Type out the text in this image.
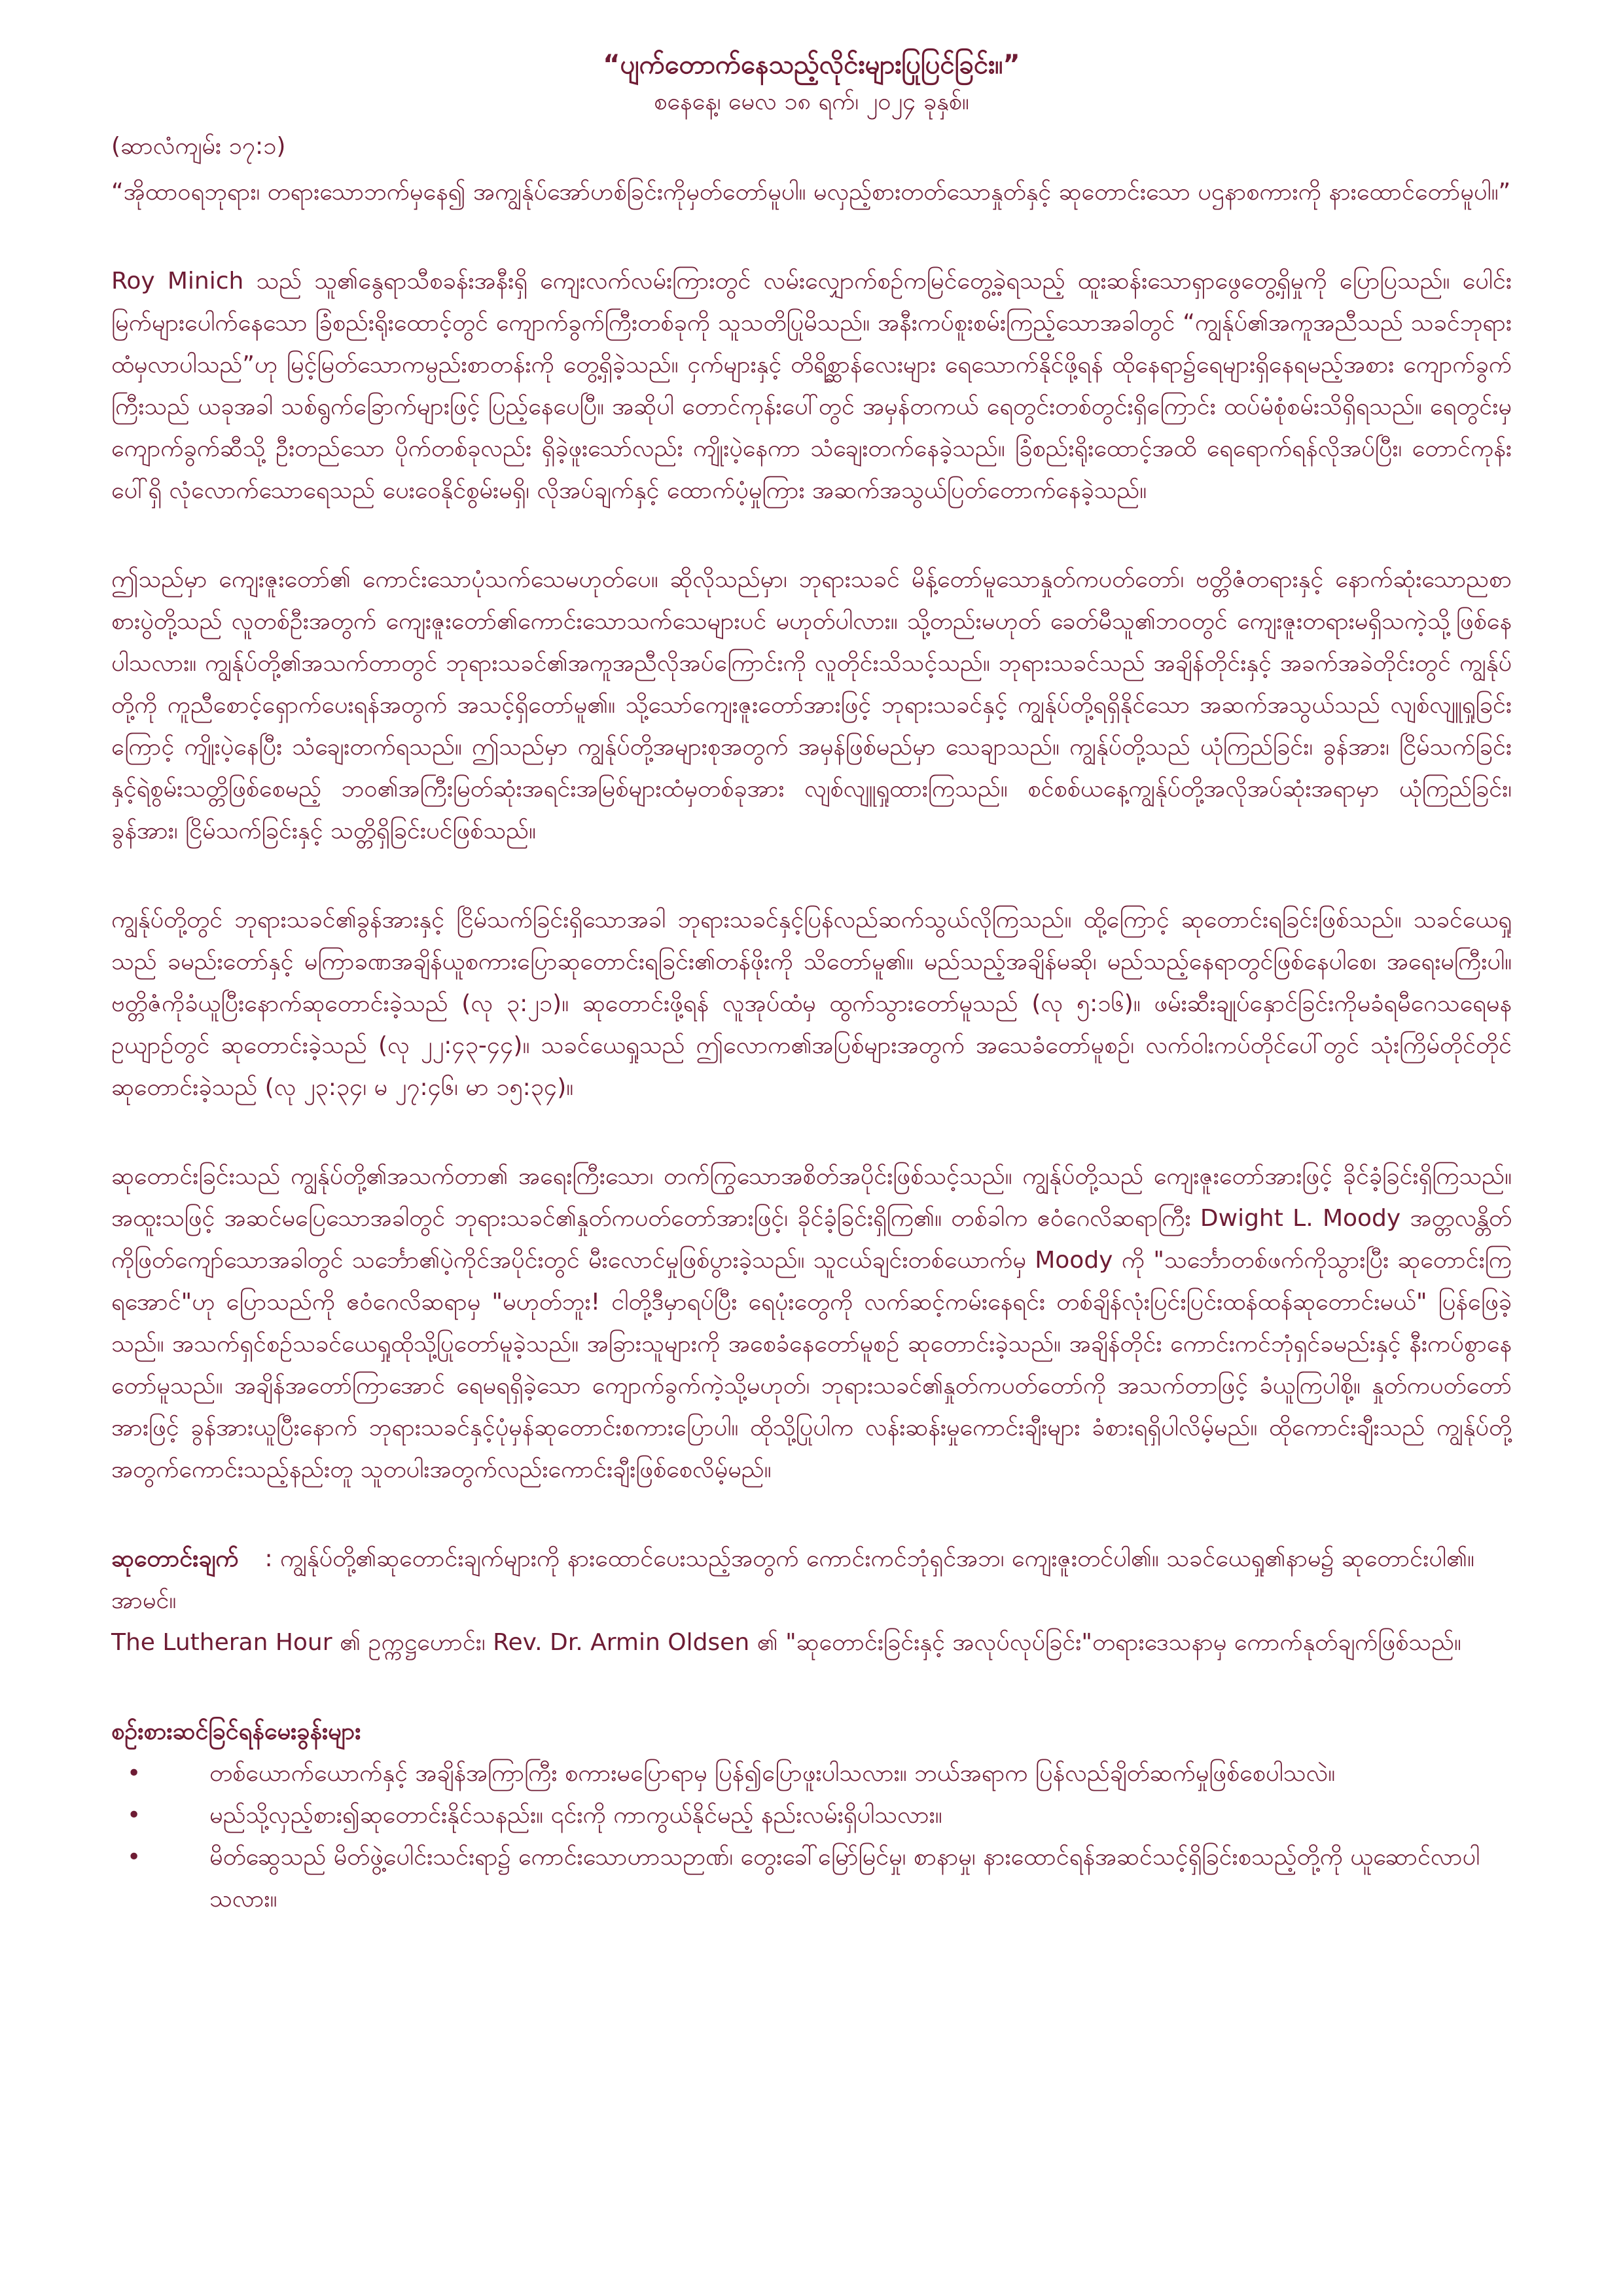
“ပျက်တောက်နေသည့်လိုင်းများပြုပြင်ခြင်း။”

စနေနေ့၊ မေလ ၁၈ ရက်၊ ၂၀၂၄ ခုနှစ်။

(ဆာလံကျမ်း ၁၇:၁)

“အိုထာဝရဘုရား၊ တရားသောဘက်မှနေ၍ အကျွန်ုပ်အော်ဟစ်ခြင်းကိုမှတ်တော်မူပါ။ မလှည့်စားတတ်သောနှုတ်နှင့် ဆုတောင်းသော ပဌနာစကားကို နားထောင်တော်မူပါ။”

Roy Minich သည် သူ၏နွေရာသီစခန်းအနီးရှိ ကျေးလက်လမ်းကြားတွင် လမ်းလျှောက်စဉ်ကမြင်တွေ့ခဲ့ရသည့် ထူးဆန်းသောရှာဖွေတွေ့ရှိမှုကို ပြောပြသည်။ ပေါင်းမြက်များပေါက်နေသော ခြံစည်းရိုးထောင့်တွင် ကျောက်ခွက်ကြီးတစ်ခုကို သူသတိပြုမိသည်။ အနီးကပ်စူးစမ်းကြည့်သောအခါတွင် “ကျွန်ုပ်၏အကူအညီသည် သခင်ဘုရားထံမှလာပါသည်”ဟု မြင့်မြတ်သောကမ္ပည်းစာတန်းကို တွေ့ရှိခဲ့သည်။ ငှက်များနှင့် တိရိစ္ဆာန်လေးများ ရေသောက်နိုင်ဖို့ရန် ထိုနေရာ၌ရေများရှိနေရမည့်အစား ကျောက်ခွက်ကြီးသည် ယခုအခါ သစ်ရွက်ခြောက်များဖြင့် ပြည့်နေပေပြီ။ အဆိုပါ တောင်ကုန်းပေါ်တွင် အမှန်တကယ် ရေတွင်းတစ်တွင်းရှိကြောင်း ထပ်မံစုံစမ်းသိရှိရသည်။ ရေတွင်းမှကျောက်ခွက်ဆီသို့ ဦးတည်သော ပိုက်တစ်ခုလည်း ရှိခဲ့ဖူးသော်လည်း ကျိုးပဲ့နေကာ သံချေးတက်နေခဲ့သည်။ ခြံစည်းရိုးထောင့်အထိ ရေရောက်ရန်လိုအပ်ပြီး၊ တောင်ကုန်းပေါ်ရှိ လုံလောက်သောရေသည် ပေးဝေနိုင်စွမ်းမရှိ၊ လိုအပ်ချက်နှင့် ထောက်ပံ့မှုကြား အဆက်အသွယ်ပြတ်တောက်နေခဲ့သည်။

ဤသည်မှာ ကျေးဇူးတော်၏ ကောင်းသောပုံသက်သေမဟုတ်ပေ။ ဆိုလိုသည်မှာ၊ ဘုရားသခင် မိန့်တော်မူသောနှုတ်ကပတ်တော်၊ ဗတ္တိဇံတရားနှင့် နောက်ဆုံးသောညစာစားပွဲတို့သည် လူတစ်ဦးအတွက် ကျေးဇူးတော်၏ကောင်းသောသက်သေများပင် မဟုတ်ပါလား။ သို့တည်းမဟုတ် ခေတ်မီသူ၏ဘဝတွင် ကျေးဇူးတရားမရှိသကဲ့သို့ဖြစ်နေပါသလား။ ကျွန်ုပ်တို့၏အသက်တာတွင် ဘုရားသခင်၏အကူအညီလိုအပ်ကြောင်းကို လူတိုင်းသိသင့်သည်။ ဘုရားသခင်သည် အချိန်တိုင်းနှင့် အခက်အခဲတိုင်းတွင် ကျွန်ုပ်တို့ကို ကူညီစောင့်ရှောက်ပေးရန်အတွက် အသင့်ရှိတော်မူ၏။ သို့သော်ကျေးဇူးတော်အားဖြင့် ဘုရားသခင်နှင့် ကျွန်ုပ်တို့ရရှိနိုင်သော အဆက်အသွယ်သည် လျစ်လျူရှုခြင်းကြောင့် ကျိုးပဲ့နေပြီး သံချေးတက်ရသည်။ ဤသည်မှာ ကျွန်ုပ်တို့အများစုအတွက် အမှန်ဖြစ်မည်မှာ သေချာသည်။ ကျွန်ုပ်တို့သည် ယုံကြည်ခြင်း၊ ခွန်အား၊ ငြိမ်သက်ခြင်းနှင့်ရဲစွမ်းသတ္တိဖြစ်စေမည့် ဘဝ၏အကြီးမြတ်ဆုံးအရင်းအမြစ်များထံမှတစ်ခုအား လျစ်လျူရှုထားကြသည်။ စင်စစ်ယနေ့ကျွန်ုပ်တို့အလိုအပ်ဆုံးအရာမှာ ယုံကြည်ခြင်း၊ ခွန်အား၊ ငြိမ်သက်ခြင်းနှင့် သတ္တိရှိခြင်းပင်ဖြစ်သည်။

ကျွန်ုပ်တို့တွင် ဘုရားသခင်၏ခွန်အားနှင့် ငြိမ်သက်ခြင်းရှိသောအခါ ဘုရားသခင်နှင့်ပြန်လည်ဆက်သွယ်လိုကြသည်။ ထို့ကြောင့် ဆုတောင်းရခြင်းဖြစ်သည်။ သခင်ယေရှုသည် ခမည်းတော်နှင့် မကြာခဏအချိန်ယူစကားပြောဆုတောင်းရခြင်း၏တန်ဖိုးကို သိတော်မူ၏။ မည်သည့်အချိန်မဆို၊ မည်သည့်နေရာတွင်ဖြစ်နေပါစေ၊ အရေးမကြီးပါ။ ဗတ္တိဇံကိုခံယူပြီးနောက်ဆုတောင်းခဲ့သည် (လု ၃:၂၁)။ ဆုတောင်းဖို့ရန် လူအုပ်ထံမှ ထွက်သွားတော်မူသည် (လု ၅:၁၆)။ ဖမ်းဆီးချုပ်နှောင်ခြင်းကိုမခံရမီဂေသရေမနဥယျာဉ်တွင် ဆုတောင်းခဲ့သည် (လု ၂၂:၄၃-၄၄)။ သခင်ယေရှုသည် ဤလောက၏အပြစ်များအတွက် အသေခံတော်မူစဉ်၊ လက်ဝါးကပ်တိုင်ပေါ်တွင် သုံးကြိမ်တိုင်တိုင် ဆုတောင်းခဲ့သည် (လု ၂၃:၃၄၊ မ ၂၇:၄၆၊ မာ ၁၅:၃၄)။

ဆုတောင်းခြင်းသည် ကျွန်ုပ်တို့၏အသက်တာ၏ အရေးကြီးသော၊ တက်ကြွသောအစိတ်အပိုင်းဖြစ်သင့်သည်။ ကျွန်ုပ်တို့သည် ကျေးဇူးတော်အားဖြင့် ခိုင်ခံ့ခြင်းရှိကြသည်။ အထူးသဖြင့် အဆင်မပြေသောအခါတွင် ဘုရားသခင်၏နှုတ်ကပတ်တော်အားဖြင့်၊ ခိုင်ခံ့ခြင်းရှိကြ၏။ တစ်ခါက ဧဝံဂေလိဆရာကြီး Dwight L. Moody အတ္တလန္တိတ်ကိုဖြတ်ကျော်သောအခါတွင် သင်္ဘော၏ပဲ့ကိုင်အပိုင်းတွင် မီးလောင်မှုဖြစ်ပွားခဲ့သည်။ သူငယ်ချင်းတစ်ယောက်မှ Moody ကို "သင်္ဘောတစ်ဖက်ကိုသွားပြီး ဆုတောင်းကြရအောင်"ဟု ပြောသည်ကို ဧဝံဂေလိဆရာမှ "မဟုတ်ဘူး! ငါတို့ဒီမှာရပ်ပြီး ရေပုံးတွေကို လက်ဆင့်ကမ်းနေရင်း တစ်ချိန်လုံးပြင်းပြင်းထန်ထန်ဆုတောင်းမယ်" ပြန်ဖြေခဲ့သည်။ အသက်ရှင်စဉ်သခင်ယေရှုထိုသို့ပြုတော်မူခဲ့သည်။ အခြားသူများကို အစေခံနေတော်မူစဉ် ဆုတောင်းခဲ့သည်။ အချိန်တိုင်း ကောင်းကင်ဘုံရှင်ခမည်းနှင့် နီးကပ်စွာနေတော်မူသည်။ အချိန်အတော်ကြာအောင် ရေမရရှိခဲ့သော ကျောက်ခွက်ကဲ့သို့မဟုတ်၊ ဘုရားသခင်၏နှုတ်ကပတ်တော်ကို အသက်တာဖြင့် ခံယူကြပါစို့။ နှုတ်ကပတ်တော်အားဖြင့် ခွန်အားယူပြီးနောက် ဘုရားသခင်နှင့်ပုံမှန်ဆုတောင်းစကားပြောပါ။ ထိုသို့ပြုပါက လန်းဆန်းမှုကောင်းချီးများ ခံစားရရှိပါလိမ့်မည်။ ထိုကောင်းချီးသည် ကျွန်ုပ်တို့အတွက်ကောင်းသည့်နည်းတူ သူတပါးအတွက်လည်းကောင်းချီးဖြစ်စေလိမ့်မည်။

ဆုတောင်းချက် : ကျွန်ုပ်တို့၏ဆုတောင်းချက်များကို နားထောင်ပေးသည့်အတွက် ကောင်းကင်ဘုံရှင်အဘ၊ ကျေးဇူးတင်ပါ၏။ သခင်ယေရှု၏နာမ၌ ဆုတောင်းပါ၏။ အာမင်။

The Lutheran Hour ၏ ဥက္ကဋ္ဌဟောင်း၊ Rev. Dr. Armin Oldsen ၏ "ဆုတောင်းခြင်းနှင့် အလုပ်လုပ်ခြင်း"တရားဒေသနာမှ ကောက်နုတ်ချက်ဖြစ်သည်။

စဉ်းစားဆင်ခြင်ရန်မေးခွန်းများ

•	တစ်ယောက်ယောက်နှင့် အချိန်အကြာကြီး စကားမပြောရာမှ ပြန်၍ပြောဖူးပါသလား။ ဘယ်အရာက ပြန်လည်ချိတ်ဆက်မှုဖြစ်စေပါသလဲ။
•	မည်သို့လှည့်စား၍ဆုတောင်းနိုင်သနည်း။ ၎င်းကို ကာကွယ်နိုင်မည့် နည်းလမ်းရှိပါသလား။
•	မိတ်ဆွေသည် မိတ်ဖွဲ့ပေါင်းသင်းရာ၌ ကောင်းသောဟာသဉာဏ်၊ တွေးခေါ်မြော်မြင်မှု၊ စာနာမှု၊ နားထောင်ရန်အဆင်သင့်ရှိခြင်းစသည့်တို့ကို ယူဆောင်လာပါသလား။
